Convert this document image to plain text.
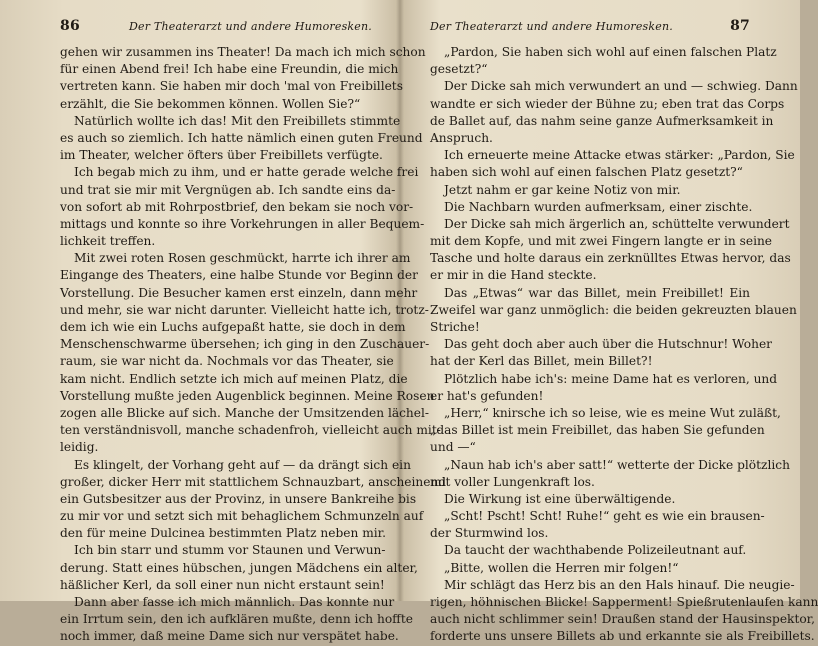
86	Der Theaterarzt und andere Humoresken.
gehen wir zusammen ins Theater! Da mach ich mich schon
für einen Abend frei! Ich habe eine Freundin, die mich
vertreten kann. Sie haben mir doch 'mal von Freibillets
erzählt, die Sie bekommen können. Wollen Sie?“
Natürlich wollte ich das! Mit den Freibillets stimmte
es auch so ziemlich. Ich hatte nämlich einen guten Freund
im Theater, welcher öfters über Freibillets verfügte.
Ich begab mich zu ihm, und er hatte gerade welche frei
und trat sie mir mit Vergnügen ab. Ich sandte eins da-
von sofort ab mit Rohrpostbrief, den bekam sie noch vor-
mittags und konnte so ihre Vorkehrungen in aller Bequem-
lichkeit treffen.
Mit zwei roten Rosen geschmückt, harrte ich ihrer am
Eingange des Theaters, eine halbe Stunde vor Beginn der
Vorstellung. Die Besucher kamen erst einzeln, dann mehr
und mehr, sie war nicht darunter. Vielleicht hatte ich, trotz-
dem ich wie ein Luchs aufgepaßt hatte, sie doch in dem
Menschenschwarme übersehen; ich ging in den Zuschauer-
raum, sie war nicht da. Nochmals vor das Theater, sie
kam nicht. Endlich setzte ich mich auf meinen Platz, die
Vorstellung mußte jeden Augenblick beginnen. Meine Rosen
zogen alle Blicke auf sich. Manche der Umsitzenden lächel-
ten verständnisvoll, manche schadenfroh, vielleicht auch mit-
leidig.
Es klingelt, der Vorhang geht auf — da drängt sich ein
großer, dicker Herr mit stattlichem Schnauzbart, anscheinend
ein Gutsbesitzer aus der Provinz, in unsere Bankreihe bis
zu mir vor und setzt sich mit behaglichem Schmunzeln auf
den für meine Dulcinea bestimmten Platz neben mir.
Ich bin starr und stumm vor Staunen und Verwun-
derung. Statt eines hübschen, jungen Mädchens ein alter,
häßlicher Kerl, da soll einer nun nicht erstaunt sein!
Dann aber fasse ich mich männlich. Das konnte nur
ein Irrtum sein, den ich aufklären mußte, denn ich hoffte
noch immer, daß meine Dame sich nur verspätet habe.
Der Theaterarzt und andere Humoresken.	87
„Pardon, Sie haben sich wohl auf einen falschen Platz
gesetzt?“
Der Dicke sah mich verwundert an und — schwieg. Dann
wandte er sich wieder der Bühne zu; eben trat das Corps
de Ballet auf, das nahm seine ganze Aufmerksamkeit in
Anspruch.
Ich erneuerte meine Attacke etwas stärker: „Pardon, Sie
haben sich wohl auf einen falschen Platz gesetzt?“
Jetzt nahm er gar keine Notiz von mir.
Die Nachbarn wurden aufmerksam, einer zischte.
Der Dicke sah mich ärgerlich an, schüttelte verwundert
mit dem Kopfe, und mit zwei Fingern langte er in seine
Tasche und holte daraus ein zerknülltes Etwas hervor, das
er mir in die Hand steckte.
Das „Etwas“ war das Billet, mein Freibillet! Ein
Zweifel war ganz unmöglich: die beiden gekreuzten blauen
Striche!
Das geht doch aber auch über die Hutschnur! Woher
hat der Kerl das Billet, mein Billet?!
Plötzlich habe ich's: meine Dame hat es verloren, und
er hat's gefunden!
„Herr,“ knirsche ich so leise, wie es meine Wut zuläßt,
„das Billet ist mein Freibillet, das haben Sie gefunden
und —“
„Naun hab ich's aber satt!“ wetterte der Dicke plötzlich
mit voller Lungenkraft los.
Die Wirkung ist eine überwältigende.
„Scht! Pscht! Scht! Ruhe!“ geht es wie ein brausen-
der Sturmwind los.
Da taucht der wachthabende Polizeileutnant auf.
„Bitte, wollen die Herren mir folgen!“
Mir schlägt das Herz bis an den Hals hinauf. Die neugie-
rigen, höhnischen Blicke! Sapperment! Spießrutenlaufen kann
auch nicht schlimmer sein! Draußen stand der Hausinspektor,
forderte uns unsere Billets ab und erkannte sie als Freibillets.
